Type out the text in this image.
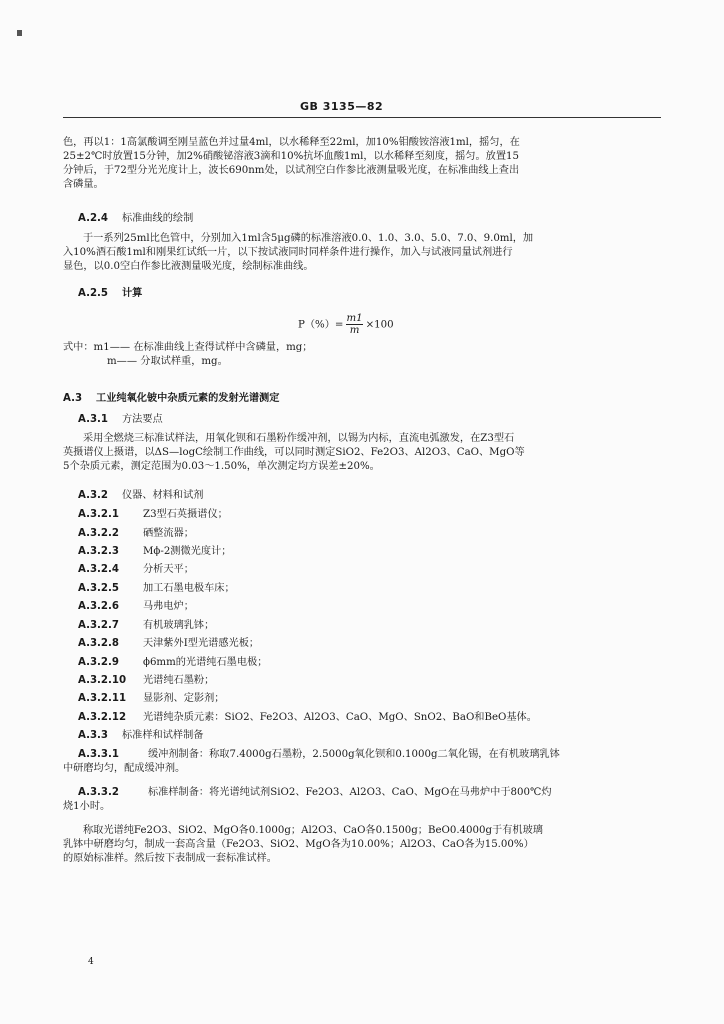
GB 3135—82

色，再以1：1高氯酸调至刚呈蓝色并过量4ml，以水稀释至22ml，加10%钼酸铵溶液1ml，摇匀，在

25±2℃时放置15分钟，加2%硝酸铋溶液3滴和10%抗坏血酸1ml，以水稀释至刻度，摇匀。放置15

分钟后，于72型分光光度计上，波长690nm处，以试剂空白作参比液测量吸光度，在标准曲线上查出

含磷量。

A.2.4 标准曲线的绘制

于一系列25ml比色管中，分别加入1ml含5μg磷的标准溶液0.0、1.0、3.0、5.0、7.0、9.0ml，加

入10%酒石酸1ml和刚果红试纸一片，以下按试液同时同样条件进行操作，加入与试液同量试剂进行

显色，以0.0空白作参比液测量吸光度，绘制标准曲线。

A.2.5 计算
$P(\%)= \frac{m1}{m} \times 100$

式中：m1—— 在标准曲线上查得试样中含磷量，mg；

m—— 分取试样重，mg。

A.3 工业纯氧化铍中杂质元素的发射光谱测定
A.3.1 方法要点

采用全燃烧三标准试样法，用氧化钡和石墨粉作缓冲剂，以锡为内标，直流电弧激发，在Z3型石

英摄谱仪上摄谱，以ΔS—logC绘制工作曲线，可以同时测定SiO2、Fe2O3、Al2O3、CaO、MgO等

5个杂质元素，测定范围为0.03～1.50%，单次测定均方误差±20%。

A.3.2 仪器、材料和试剂
A.3.2.1 Z3型石英摄谱仪；
A.3.2.2 硒整流器；
A.3.2.3 Mϕ-2测微光度计；
A.3.2.4 分析天平；
A.3.2.5 加工石墨电极车床；
A.3.2.6 马弗电炉；
A.3.2.7 有机玻璃乳钵；
A.3.2.8 天津紫外Ⅰ型光谱感光板；
A.3.2.9 ϕ6mm的光谱纯石墨电极；
A.3.2.10 光谱纯石墨粉；
A.3.2.11 显影剂、定影剂；
A.3.2.12 光谱纯杂质元素：SiO2、Fe2O3、Al2O3、CaO、MgO、SnO2、BaO和BeO基体。
A.3.3 标准样和试样制备

A.3.3.1	缓冲剂制备：称取7.4000g石墨粉，2.5000g氧化钡和0.1000g二氧化锡，在有机玻璃乳钵

中研磨均匀，配成缓冲剂。

A.3.3.2	标准样制备：将光谱纯试剂SiO2、Fe2O3、Al2O3、CaO、MgO在马弗炉中于800℃灼

烧1小时。

称取光谱纯Fe2O3、SiO2、MgO各0.1000g；Al2O3、CaO各0.1500g；BeO0.4000g于有机玻璃

乳钵中研磨均匀，制成一套高含量（Fe2O3、SiO2、MgO各为10.00%；Al2O3、CaO各为15.00%）

的原始标准样。然后按下表制成一套标准试样。

4
